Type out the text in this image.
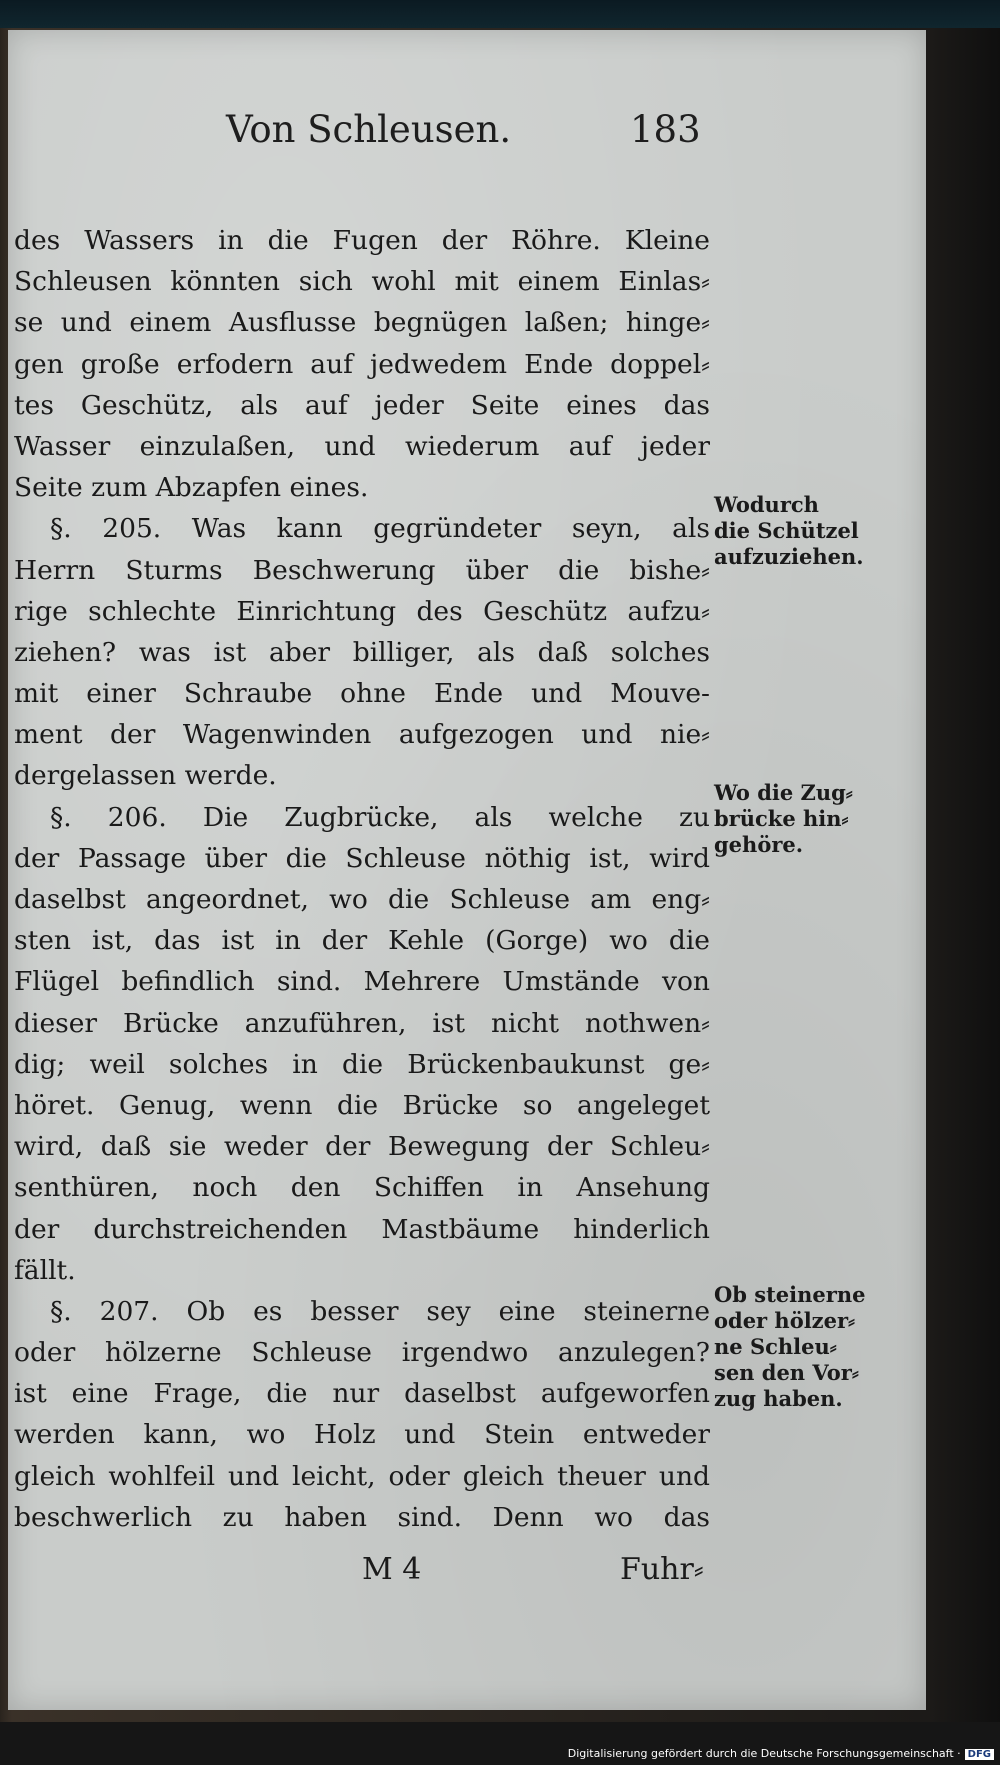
Von Schleusen.	183
des Wassers in die Fugen der Röhre. Kleine
Schleusen könnten sich wohl mit einem Einlas⸗
se und einem Ausflusse begnügen laßen; hinge⸗
gen große erfodern auf jedwedem Ende doppel⸗
tes Geschütz, als auf jeder Seite eines das
Wasser einzulaßen, und wiederum auf jeder
Seite zum Abzapfen eines.
§. 205. Was kann gegründeter seyn, als
Herrn Sturms Beschwerung über die bishe⸗
rige schlechte Einrichtung des Geschütz aufzu⸗
ziehen? was ist aber billiger, als daß solches
mit einer Schraube ohne Ende und Mouve-
ment der Wagenwinden aufgezogen und nie⸗
dergelassen werde.
§. 206. Die Zugbrücke, als welche zu
der Passage über die Schleuse nöthig ist, wird
daselbst angeordnet, wo die Schleuse am eng⸗
sten ist, das ist in der Kehle (Gorge) wo die
Flügel befindlich sind. Mehrere Umstände von
dieser Brücke anzuführen, ist nicht nothwen⸗
dig; weil solches in die Brückenbaukunst ge⸗
höret. Genug, wenn die Brücke so angeleget
wird, daß sie weder der Bewegung der Schleu⸗
senthüren, noch den Schiffen in Ansehung
der durchstreichenden Mastbäume hinderlich
fällt.
§. 207. Ob es besser sey eine steinerne
oder hölzerne Schleuse irgendwo anzulegen?
ist eine Frage, die nur daselbst aufgeworfen
werden kann, wo Holz und Stein entweder
gleich wohlfeil und leicht, oder gleich theuer und
beschwerlich zu haben sind. Denn wo das
Wodurch
die Schützel
aufzuziehen.
Wo die Zug⸗
brücke hin⸗
gehöre.
Ob steinerne
oder hölzer⸗
ne Schleu⸗
sen den Vor⸗
zug haben.
M 4	Fuhr⸗
Digitalisierung gefördert durch die Deutsche Forschungsgemeinschaft · DFG
